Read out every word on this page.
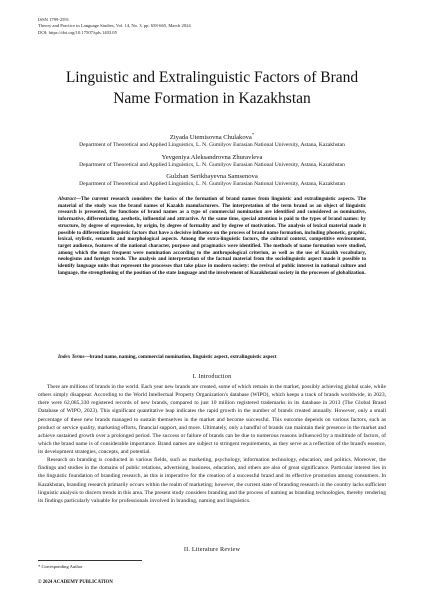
ISSN 1799-2591
Theory and Practice in Language Studies, Vol. 14, No. 3, pp. 658-665, March 2024
DOI: https://doi.org/10.17507/tpls.1403.05
Linguistic and Extralinguistic Factors of Brand Name Formation in Kazakhstan
Ziyada Utemisovna Chulakova*
Department of Theoretical and Applied Linguistics, L. N. Gumilyov Eurasian National University, Astana, Kazakhstan
Yevgeniya Aleksandrovna Zhuravleva
Department of Theoretical and Applied Linguistics, L. N. Gumilyov Eurasian National University, Astana, Kazakhstan
Gulzhan Serikbayevna Samsenova
Department of Theoretical and Applied Linguistics, L. N. Gumilyov Eurasian National University, Astana, Kazakhstan
Abstract—The current research considers the basics of the formation of brand names from linguistic and extralinguistic aspects. The material of the study was the brand names of Kazakh manufacturers. The interpretation of the term brand as an object of linguistic research is presented, the functions of brand names as a type of commercial nomination are identified and considered as nominative, informative, differentiating, aesthetic, influential and attractive. At the same time, special attention is paid to the types of brand names: by structure, by degree of expression, by origin, by degree of formality and by degree of motivation. The analysis of lexical material made it possible to differentiate linguistic factors that have a decisive influence on the process of brand name formation, including phonetic, graphic, lexical, stylistic, semantic and morphological aspects. Among the extra-linguistic factors, the cultural context, competitive environment, target audience, features of the national character, purpose and pragmatics were identified. The methods of name formation were studied, among which the most frequent were nomination according to the anthropological criterion, as well as the use of Kazakh vocabulary, neologisms and foreign words. The analysis and interpretation of the factual material from the sociolinguistic aspect made it possible to identify language units that represent the processes that take place in modern society: the revival of public interest in national culture and language, the strengthening of the position of the state language and the involvement of Kazakhstani society in the processes of globalization.
Index Terms—brand name, naming, commercial nomination, linguistic aspect, extralinguistic aspect
I. Introduction

There are millions of brands in the world. Each year new brands are created, some of which remain in the market, possibly achieving global scale, while others simply disappear. According to the World Intellectual Property Organization's database (WIPO), which keeps a track of brands worldwide, in 2023, there were 62,085,330 registered records of new brands, compared to just 10 million registered trademarks in its database in 2013 (The Global Brand Database of WIPO, 2023). This significant quantitative leap indicates the rapid growth in the number of brands created annually. However, only a small percentage of these new brands managed to sustain themselves in the market and become successful. This outcome depends on various factors, such as product or service quality, marketing efforts, financial support, and more. Ultimately, only a handful of brands can maintain their presence in the market and achieve sustained growth over a prolonged period. The success or failure of brands can be due to numerous reasons influenced by a multitude of factors, of which the brand name is of considerable importance. Brand names are subject to stringent requirements, as they serve as a reflection of the brand's essence, its development strategies, concepts, and potential.

Research on branding is conducted in various fields, such as marketing, psychology, information technology, education, and politics. Moreover, the findings and studies in the domains of public relations, advertising, business, education, and others are also of great significance. Particular interest lies in the linguistic foundation of branding research, as this is imperative for the creation of a successful brand and its effective promotion among consumers. In Kazakhstan, branding research primarily occurs within the realm of marketing; however, the current state of branding research in the country lacks sufficient linguistic analysis to discern trends in this area. The present study considers branding and the process of naming as branding technologies, thereby rendering its findings particularly valuable for professionals involved in branding, naming and linguistics.

II. Literature Review
* Corresponding Author
© 2024 ACADEMY PUBLICATION
